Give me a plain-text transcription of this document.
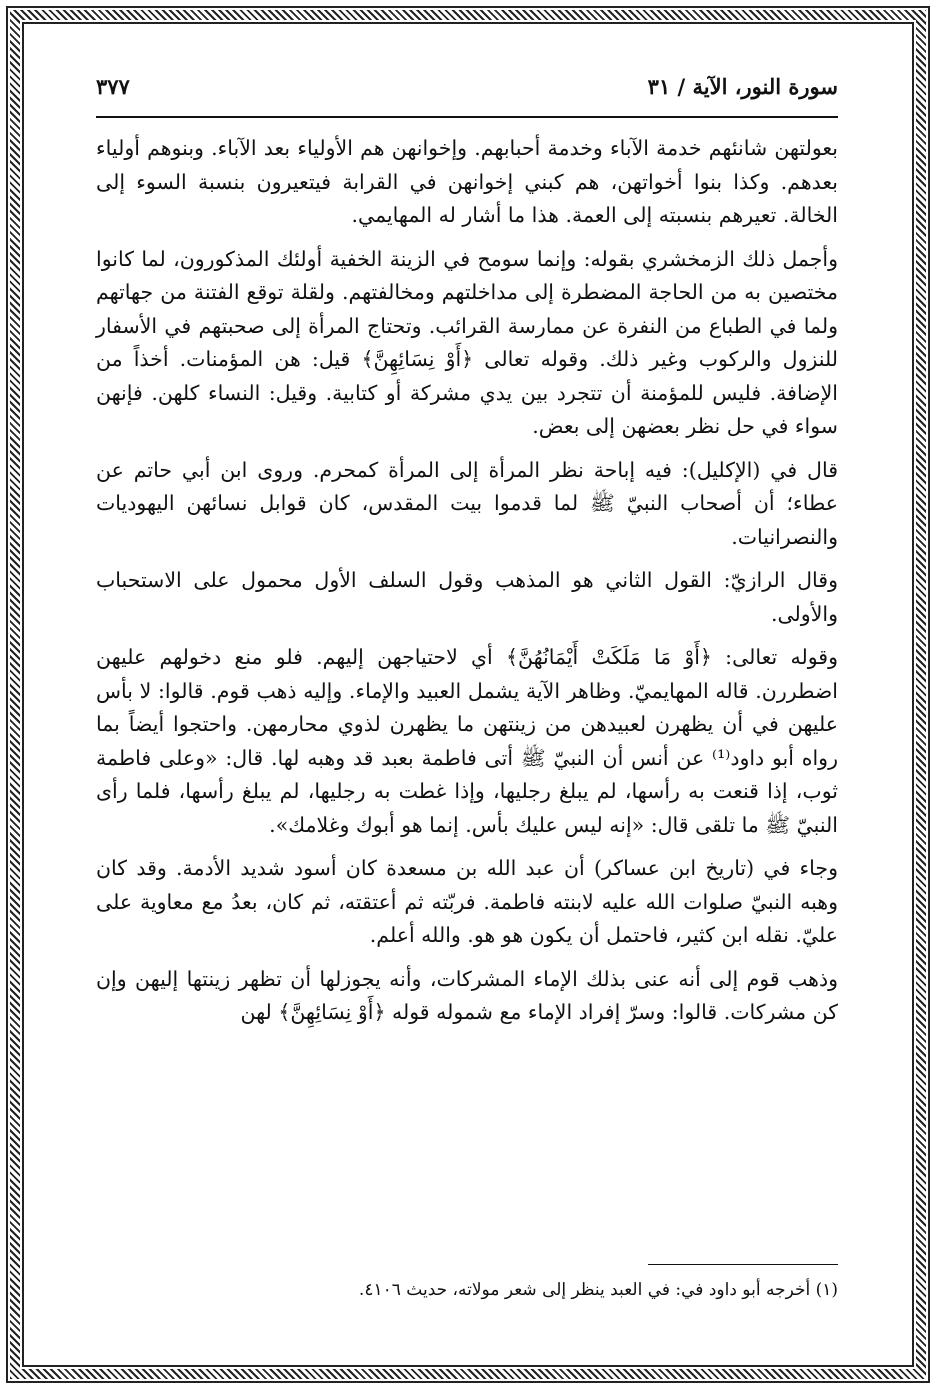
سورة النور، الآية / ٣١
٣٧٧

بعولتهن شانئهم خدمة الآباء وخدمة أحبابهم. وإخوانهن هم الأولياء بعد الآباء. وبنوهم أولياء بعدهم. وكذا بنوا أخواتهن، هم كبني إخوانهن في القرابة فيتعيرون بنسبة السوء إلى الخالة. تعيرهم بنسبته إلى العمة. هذا ما أشار له المهايمي.

وأجمل ذلك الزمخشري بقوله: وإنما سومح في الزينة الخفية أولئك المذكورون، لما كانوا مختصين به من الحاجة المضطرة إلى مداخلتهم ومخالفتهم. ولقلة توقع الفتنة من جهاتهم ولما في الطباع من النفرة عن ممارسة القرائب. وتحتاج المرأة إلى صحبتهم في الأسفار للنزول والركوب وغير ذلك. وقوله تعالى ﴿أَوْ نِسَائِهِنَّ﴾ قيل: هن المؤمنات. أخذاً من الإضافة. فليس للمؤمنة أن تتجرد بين يدي مشركة أو كتابية. وقيل: النساء كلهن. فإنهن سواء في حل نظر بعضهن إلى بعض.

قال في (الإكليل): فيه إباحة نظر المرأة إلى المرأة كمحرم. وروى ابن أبي حاتم عن عطاء؛ أن أصحاب النبيّ ﷺ لما قدموا بيت المقدس، كان قوابل نسائهن اليهوديات والنصرانيات.

وقال الرازيّ: القول الثاني هو المذهب وقول السلف الأول محمول على الاستحباب والأولى.

وقوله تعالى: ﴿أَوْ مَا مَلَكَتْ أَيْمَانُهُنَّ﴾ أي لاحتياجهن إليهم. فلو منع دخولهم عليهن اضطررن. قاله المهايميّ. وظاهر الآية يشمل العبيد والإماء. وإليه ذهب قوم. قالوا: لا بأس عليهن في أن يظهرن لعبيدهن من زينتهن ما يظهرن لذوي محارمهن. واحتجوا أيضاً بما رواه أبو داود⁽¹⁾ عن أنس أن النبيّ ﷺ أتى فاطمة بعبد قد وهبه لها. قال: «وعلى فاطمة ثوب، إذا قنعت به رأسها، لم يبلغ رجليها، وإذا غطت به رجليها، لم يبلغ رأسها، فلما رأى النبيّ ﷺ ما تلقى قال: «إنه ليس عليك بأس. إنما هو أبوك وغلامك».

وجاء في (تاريخ ابن عساكر) أن عبد الله بن مسعدة كان أسود شديد الأدمة. وقد كان وهبه النبيّ صلوات الله عليه لابنته فاطمة. فربّته ثم أعتقته، ثم كان، بعدُ مع معاوية على عليّ. نقله ابن كثير، فاحتمل أن يكون هو هو. والله أعلم.

وذهب قوم إلى أنه عنى بذلك الإماء المشركات، وأنه يجوزلها أن تظهر زينتها إليهن وإن كن مشركات. قالوا: وسرّ إفراد الإماء مع شموله قوله ﴿أَوْ نِسَائِهِنَّ﴾ لهن

(١) أخرجه أبو داود في: في العبد ينظر إلى شعر مولاته، حديث ٤١٠٦.
